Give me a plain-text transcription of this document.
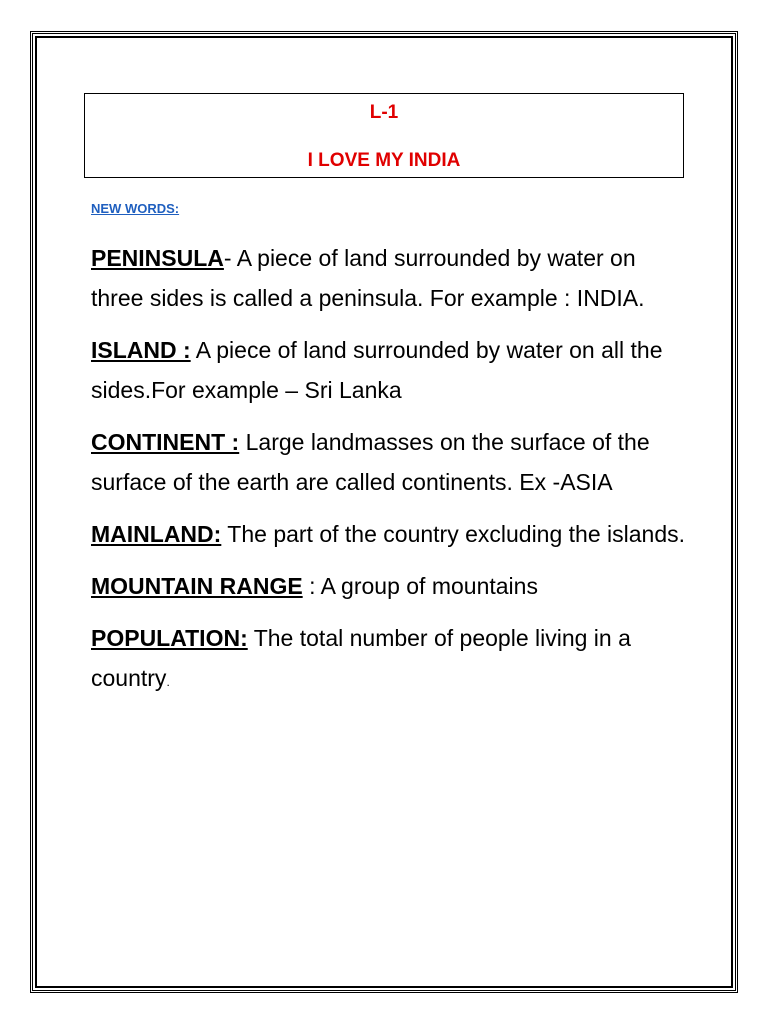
L-1
I LOVE MY INDIA
NEW WORDS:

PENINSULA- A piece of land surrounded by water on three sides is called a peninsula. For example : INDIA.

ISLAND : A piece of land surrounded by water on all the sides.For example – Sri Lanka

CONTINENT : Large landmasses on the surface of the surface of the earth are called continents. Ex -ASIA

MAINLAND: The part of the country excluding the islands.

MOUNTAIN RANGE : A group of mountains

POPULATION: The total number of people living in a country.
